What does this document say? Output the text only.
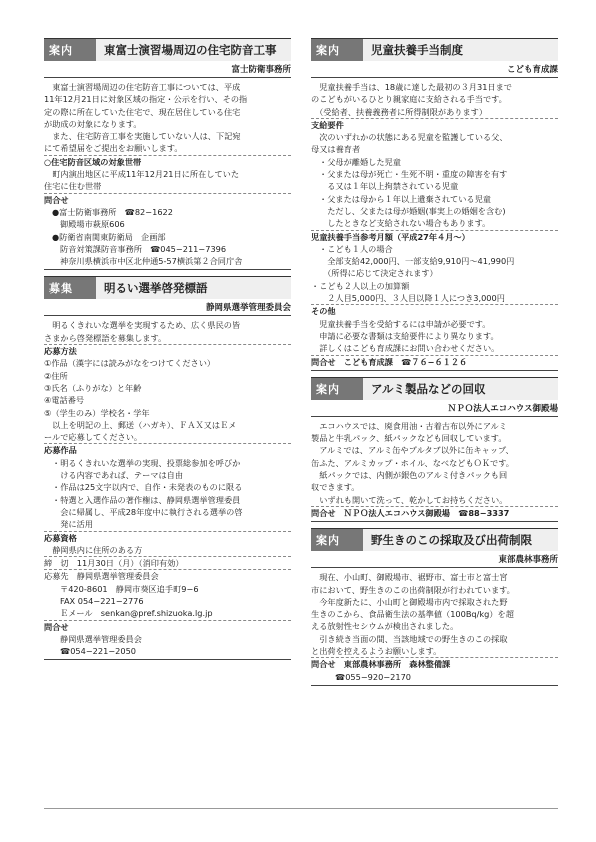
案内	東富士演習場周辺の住宅防音工事
富士防衛事務所
　東富士演習場周辺の住宅防音工事については、平成
11年12月21日に対象区域の指定・公示を行い、その指
定の際に所在していた住宅で、現在居住している住宅
が助成の対象になります。
　また、住宅防音工事を実施していない人は、下記宛
にて希望届をご提出をお願いします。
○住宅防音区域の対象世帯
　町内演出地区に平成11年12月21日に所在していた
住宅に住む世帯
問合せ
●富士防衛事務所　☎82−1622
御殿場市萩原606
●防衛省南関東防衛局　企画部
防音対策課防音事務所　☎045−211−7396
神奈川県横浜市中区北仲通5-57横浜第２合同庁舎
募集	明るい選挙啓発標語
静岡県選挙管理委員会
　明るくきれいな選挙を実現するため、広く県民の皆
さまから啓発標語を募集します。
応募方法
①作品（漢字には読みがなをつけてください）
②住所
③氏名（ふりがな）と年齢
④電話番号
⑤（学生のみ）学校名・学年
　以上を明記の上、郵送（ハガキ）、ＦＡＸ又はＥメ
ールで応募してください。
応募作品
・明るくきれいな選挙の実現、投票総参加を呼びか
　ける内容であれば、テーマは自由
・作品は25文字以内で、自作・未発表のものに限る
・特選と入選作品の著作権は、静岡県選挙管理委員
　会に帰属し、平成28年度中に執行される選挙の啓
　発に活用
応募資格
　静岡県内に住所のある方
締　切　11月30日（月）（消印有効）
応募先　静岡県選挙管理委員会
〒420-8601　静岡市葵区追手町9−6
FAX 054−221−2776
Ｅメール　senkan@pref.shizuoka.lg.jp
問合せ
静岡県選挙管理委員会
☎054−221−2050
案内	児童扶養手当制度
こども育成課
　児童扶養手当は、18歳に達した最初の３月31日まで
のこどもがいるひとり親家庭に支給される手当です。
　（受給者、扶養義務者に所得制限があります）
支給要件
　次のいずれかの状態にある児童を監護している父、
母又は養育者
・父母が離婚した児童
・父または母が死亡・生死不明・重度の障害を有す
　る又は１年以上拘禁されている児童
・父または母から１年以上遺棄されている児童
　ただし、父または母が婚姻(事実上の婚姻を含む)
　したときなど支給されない場合もあります。
児童扶養手当参考月額（平成27年４月〜）
・こども１人の場合
　全部支給42,000円、一部支給9,910円〜41,990円
　（所得に応じて決定されます）
・こども２人以上の加算額
　２人目5,000円、３人目以降１人につき3,000円
その他
　児童扶養手当を受給するには申請が必要です。
　申請に必要な書類は支給要件により異なります。
　詳しくはこども育成課にお問い合わせください。
問合せ　こども育成課　☎７６−６１２６
案内	アルミ製品などの回収
ＮＰＯ法人エコハウス御殿場
　エコハウスでは、廃食用油・古着古布以外にアルミ
製品と牛乳パック、紙パックなども回収しています。
　アルミでは、アルミ缶やプルタブ以外に缶キャップ、
缶ふた、アルミカップ・ホイル、なべなどもＯＫです。
　紙パックでは、内側が銀色のアルミ付きパックも回
収できます。
　いずれも開いて洗って、乾かしてお持ちください。
問合せ　ＮＰＯ法人エコハウス御殿場　☎88−3337
案内	野生きのこの採取及び出荷制限
東部農林事務所
　現在、小山町、御殿場市、裾野市、富士市と富士宮
市において、野生きのこの出荷制限が行われています。
　今年度新たに、小山町と御殿場市内で採取された野
生きのこから、食品衛生法の基準値（100Bq/kg）を超
える放射性セシウムが検出されました。
　引き続き当面の間、当該地域での野生きのこの採取
と出荷を控えるようお願いします。
問合せ　東部農林事務所　森林整備課
☎055−920−2170
